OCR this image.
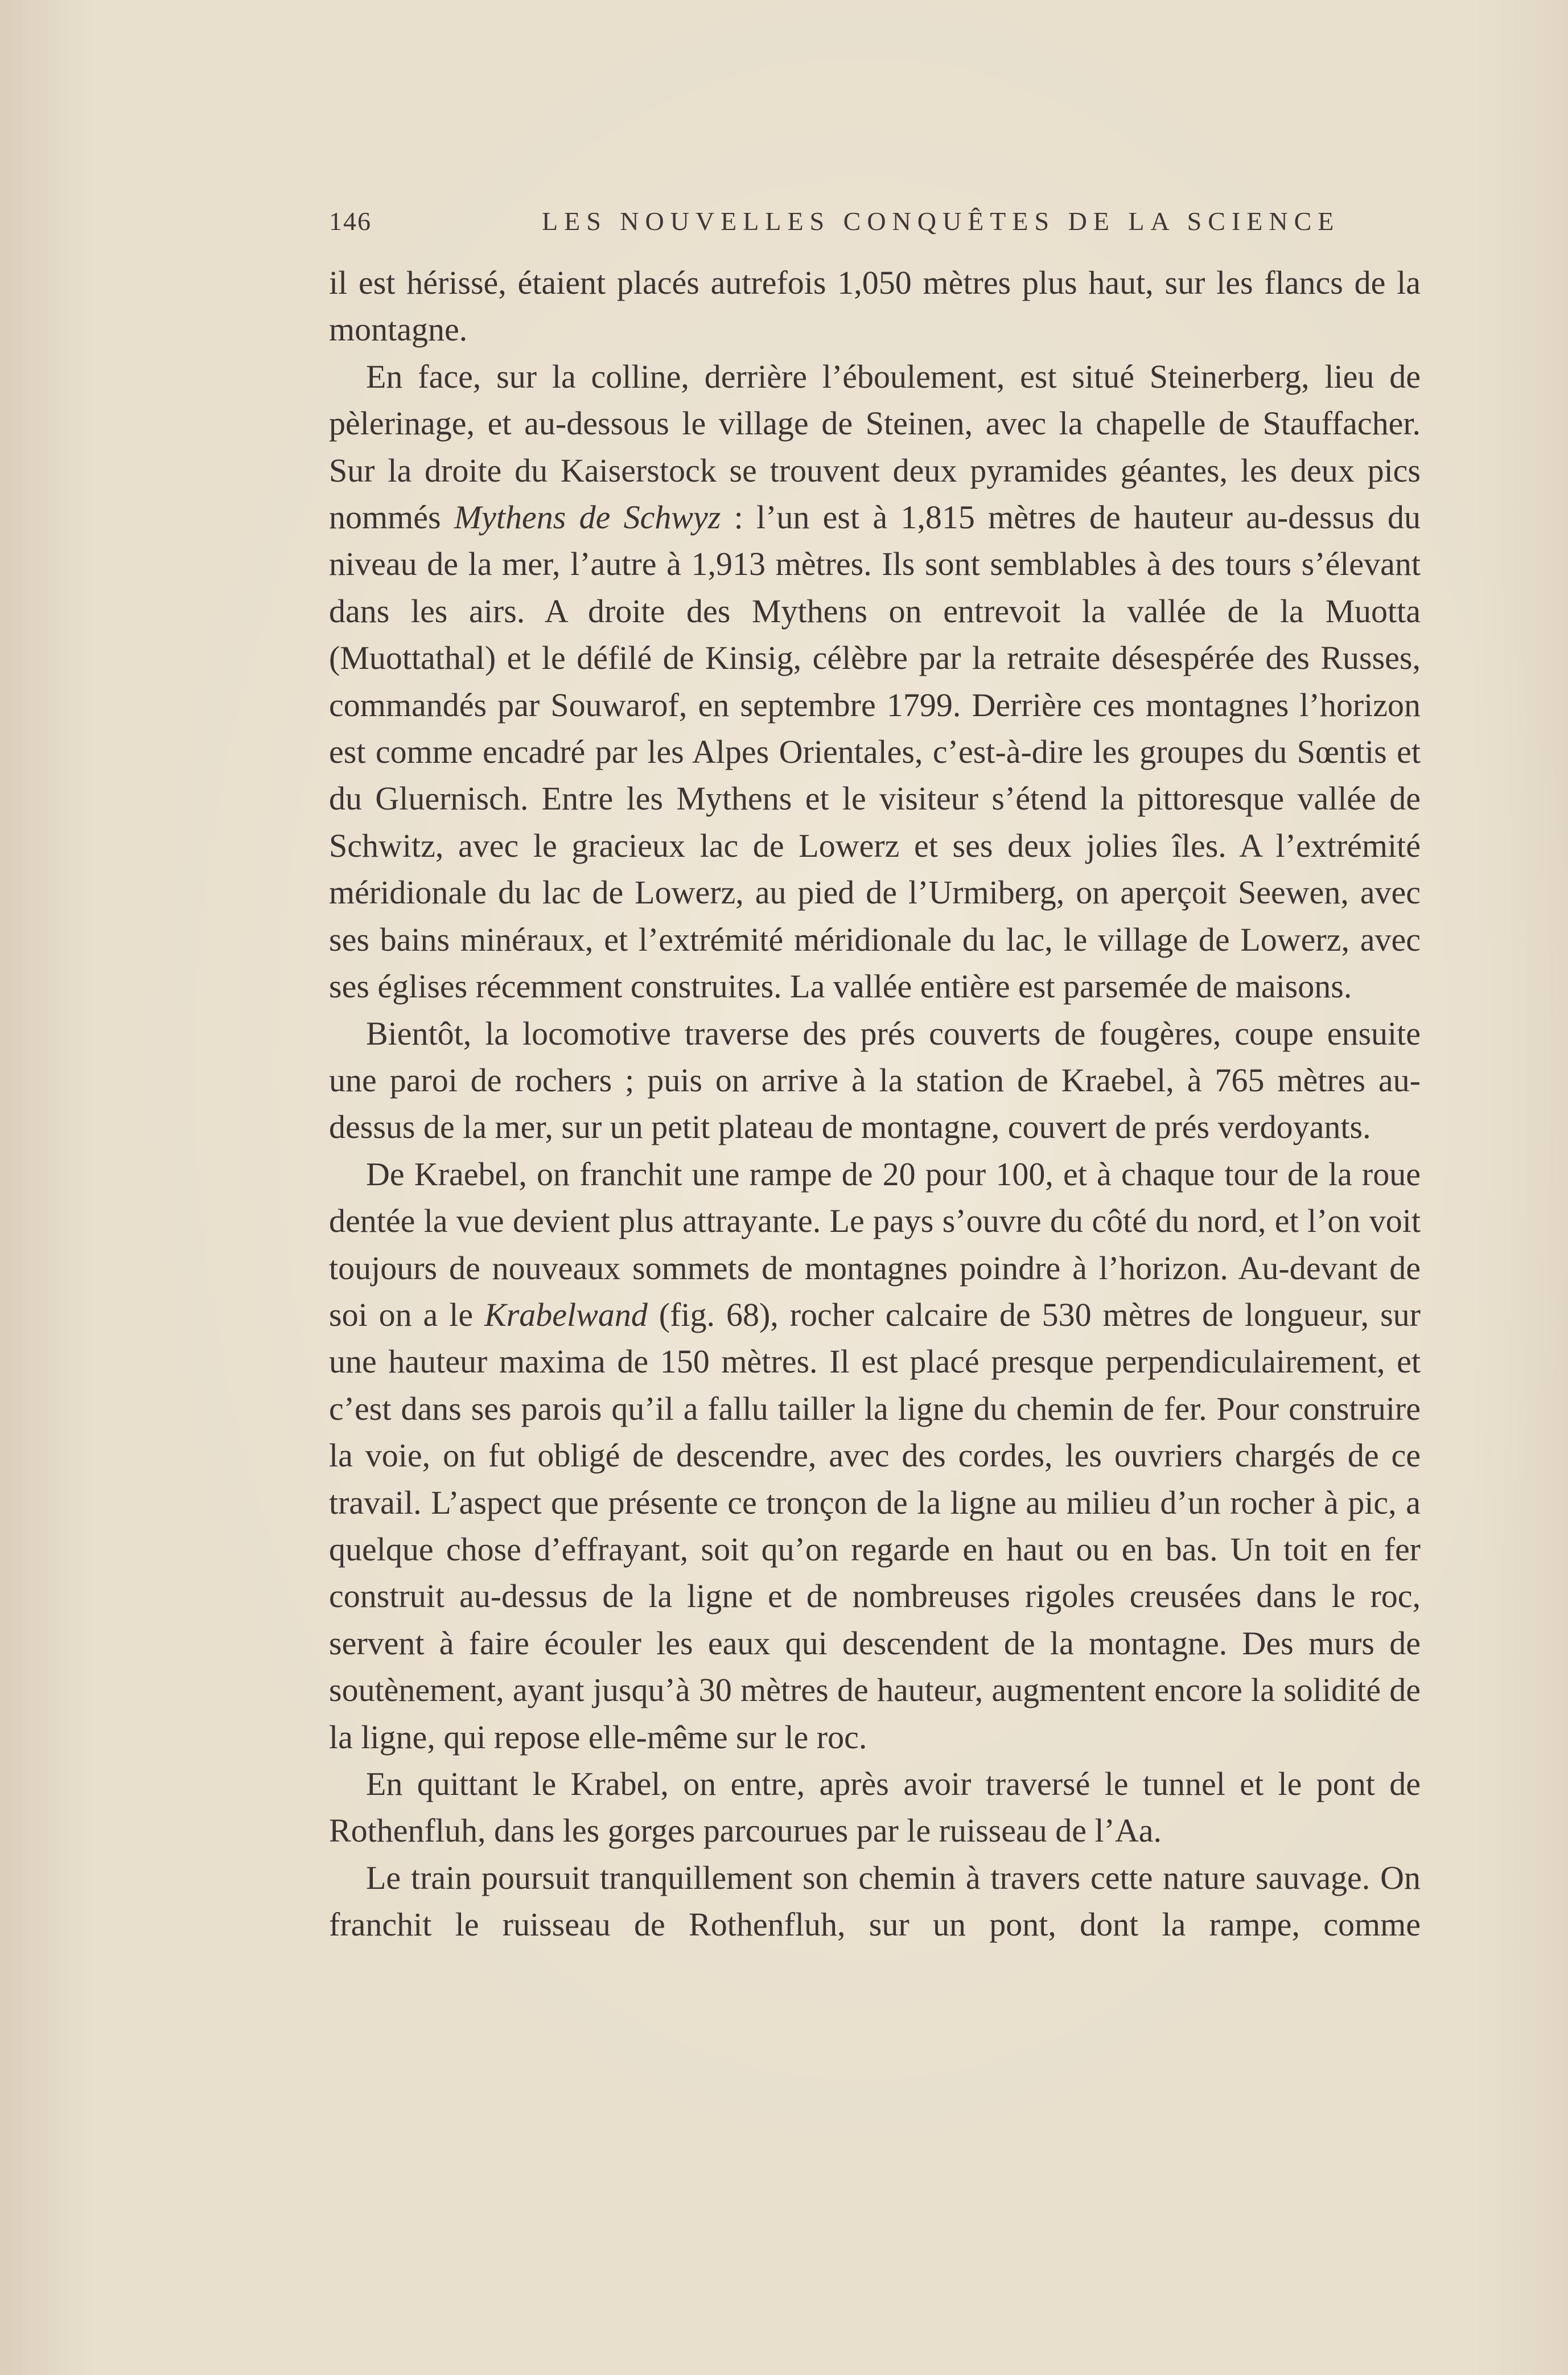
146	LES NOUVELLES CONQUÊTES DE LA SCIENCE

il est hérissé, étaient placés autrefois 1,050 mètres plus haut, sur les flancs de la montagne.

En face, sur la colline, derrière l’éboulement, est situé Steinerberg, lieu de pèlerinage, et au-dessous le village de Steinen, avec la chapelle de Stauffacher. Sur la droite du Kaiserstock se trouvent deux pyramides géantes, les deux pics nommés Mythens de Schwyz : l’un est à 1,815 mètres de hauteur au-dessus du niveau de la mer, l’autre à 1,913 mètres. Ils sont semblables à des tours s’élevant dans les airs. A droite des Mythens on entrevoit la vallée de la Muotta (Muottathal) et le défilé de Kinsig, célèbre par la retraite désespérée des Russes, commandés par Souwarof, en septembre 1799. Derrière ces montagnes l’horizon est comme encadré par les Alpes Orientales, c’est-à-dire les groupes du Sœntis et du Gluernisch. Entre les Mythens et le visiteur s’étend la pittoresque vallée de Schwitz, avec le gracieux lac de Lowerz et ses deux jolies îles. A l’extrémité méridionale du lac de Lowerz, au pied de l’Urmiberg, on aperçoit Seewen, avec ses bains minéraux, et l’extrémité méridionale du lac, le village de Lowerz, avec ses églises récemment construites. La vallée entière est parsemée de maisons.

Bientôt, la locomotive traverse des prés couverts de fougères, coupe ensuite une paroi de rochers ; puis on arrive à la station de Kraebel, à 765 mètres au-dessus de la mer, sur un petit plateau de montagne, couvert de prés verdoyants.

De Kraebel, on franchit une rampe de 20 pour 100, et à chaque tour de la roue dentée la vue devient plus attrayante. Le pays s’ouvre du côté du nord, et l’on voit toujours de nouveaux sommets de montagnes poindre à l’horizon. Au-devant de soi on a le Krabelwand (fig. 68), rocher calcaire de 530 mètres de longueur, sur une hauteur maxima de 150 mètres. Il est placé presque perpendiculairement, et c’est dans ses parois qu’il a fallu tailler la ligne du chemin de fer. Pour construire la voie, on fut obligé de descendre, avec des cordes, les ouvriers chargés de ce travail. L’aspect que présente ce tronçon de la ligne au milieu d’un rocher à pic, a quelque chose d’effrayant, soit qu’on regarde en haut ou en bas. Un toit en fer construit au-dessus de la ligne et de nombreuses rigoles creusées dans le roc, servent à faire écouler les eaux qui descendent de la montagne. Des murs de soutènement, ayant jusqu’à 30 mètres de hauteur, augmentent encore la solidité de la ligne, qui repose elle-même sur le roc.

En quittant le Krabel, on entre, après avoir traversé le tunnel et le pont de Rothenfluh, dans les gorges parcourues par le ruisseau de l’Aa.

Le train poursuit tranquillement son chemin à travers cette nature sauvage. On franchit le ruisseau de Rothenfluh, sur un pont, dont la rampe, comme
